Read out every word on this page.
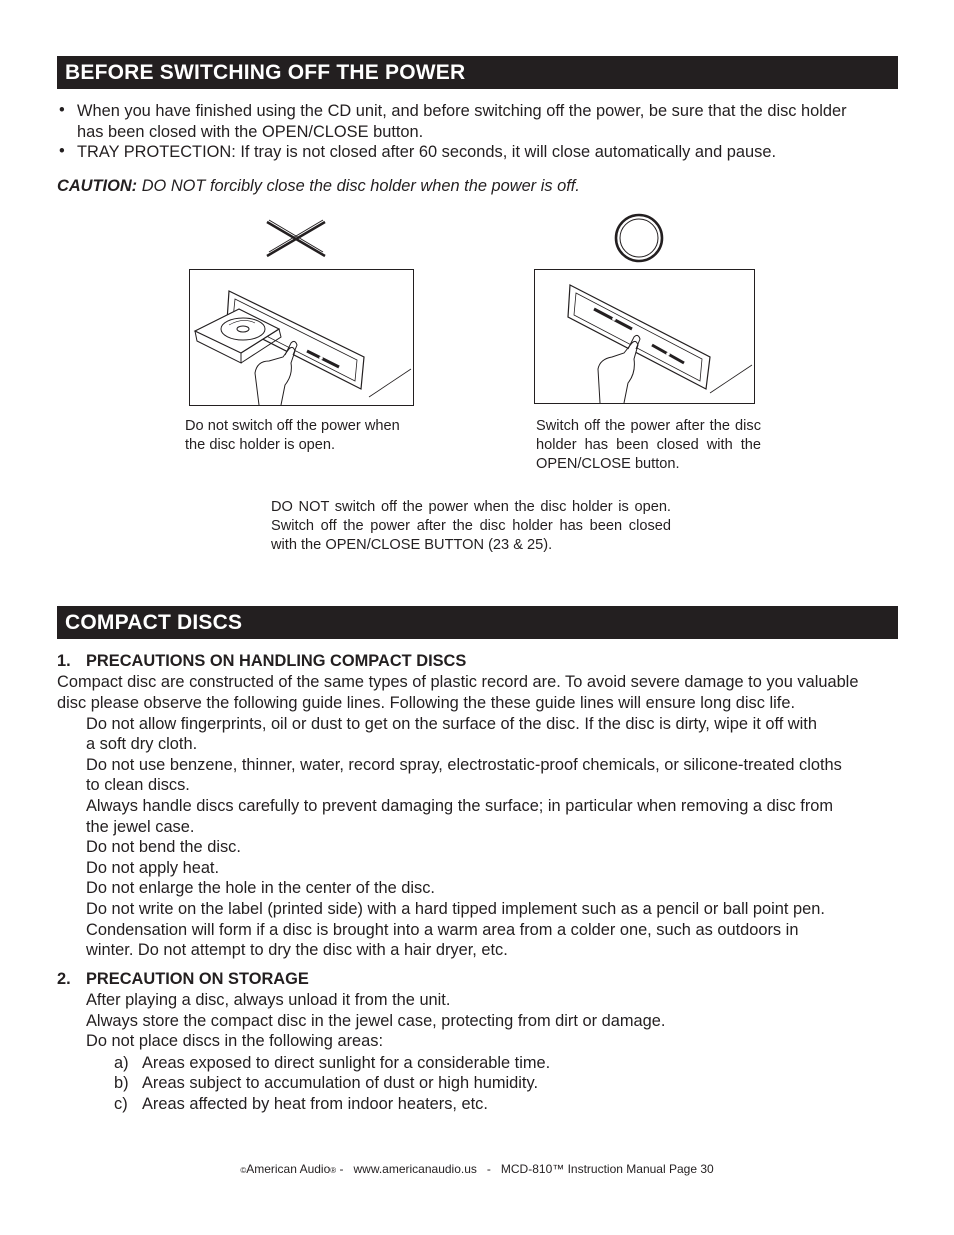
BEFORE SWITCHING OFF THE POWER
• When you have finished using the CD unit, and before switching off the power, be sure that the disc holder has been closed with the OPEN/CLOSE button.

• TRAY PROTECTION: If tray is not closed after 60 seconds, it will close automatically and pause.

CAUTION: DO NOT forcibly close the disc holder when the power is off.

Do not switch off the power when the disc holder is open.

Switch off the power after the disc holder has been closed with the OPEN/CLOSE button.

DO NOT switch off the power when the disc holder is open. Switch off the power after the disc holder has been closed with the OPEN/CLOSE BUTTON (23 & 25).

COMPACT DISCS
1. PRECAUTIONS ON HANDLING COMPACT DISCS
Compact disc are constructed of the same types of plastic record are. To avoid severe damage to you valuable
disc please observe the following guide lines. Following the these guide lines will ensure long disc life.
Do not allow fingerprints, oil or dust to get on the surface of the disc. If the disc is dirty, wipe it off with
a soft dry cloth.
Do not use benzene, thinner, water, record spray, electrostatic-proof chemicals, or silicone-treated cloths
to clean discs.
Always handle discs carefully to prevent damaging the surface; in particular when removing a disc from
the jewel case.
Do not bend the disc.
Do not apply heat.
Do not enlarge the hole in the center of the disc.
Do not write on the label (printed side) with a hard tipped implement such as a pencil or ball point pen.
Condensation will form if a disc is brought into a warm area from a colder one, such as outdoors in
winter. Do not attempt to dry the disc with a hair dryer, etc.
2. PRECAUTION ON STORAGE
After playing a disc, always unload it from the unit.
Always store the compact disc in the jewel case, protecting from dirt or damage.
Do not place discs in the following areas:
a) Areas exposed to direct sunlight for a considerable time.
b) Areas subject to accumulation of dust or high humidity.
c) Areas affected by heat from indoor heaters, etc.
©American Audio® -   www.americanaudio.us   -   MCD-810™ Instruction Manual Page 30
